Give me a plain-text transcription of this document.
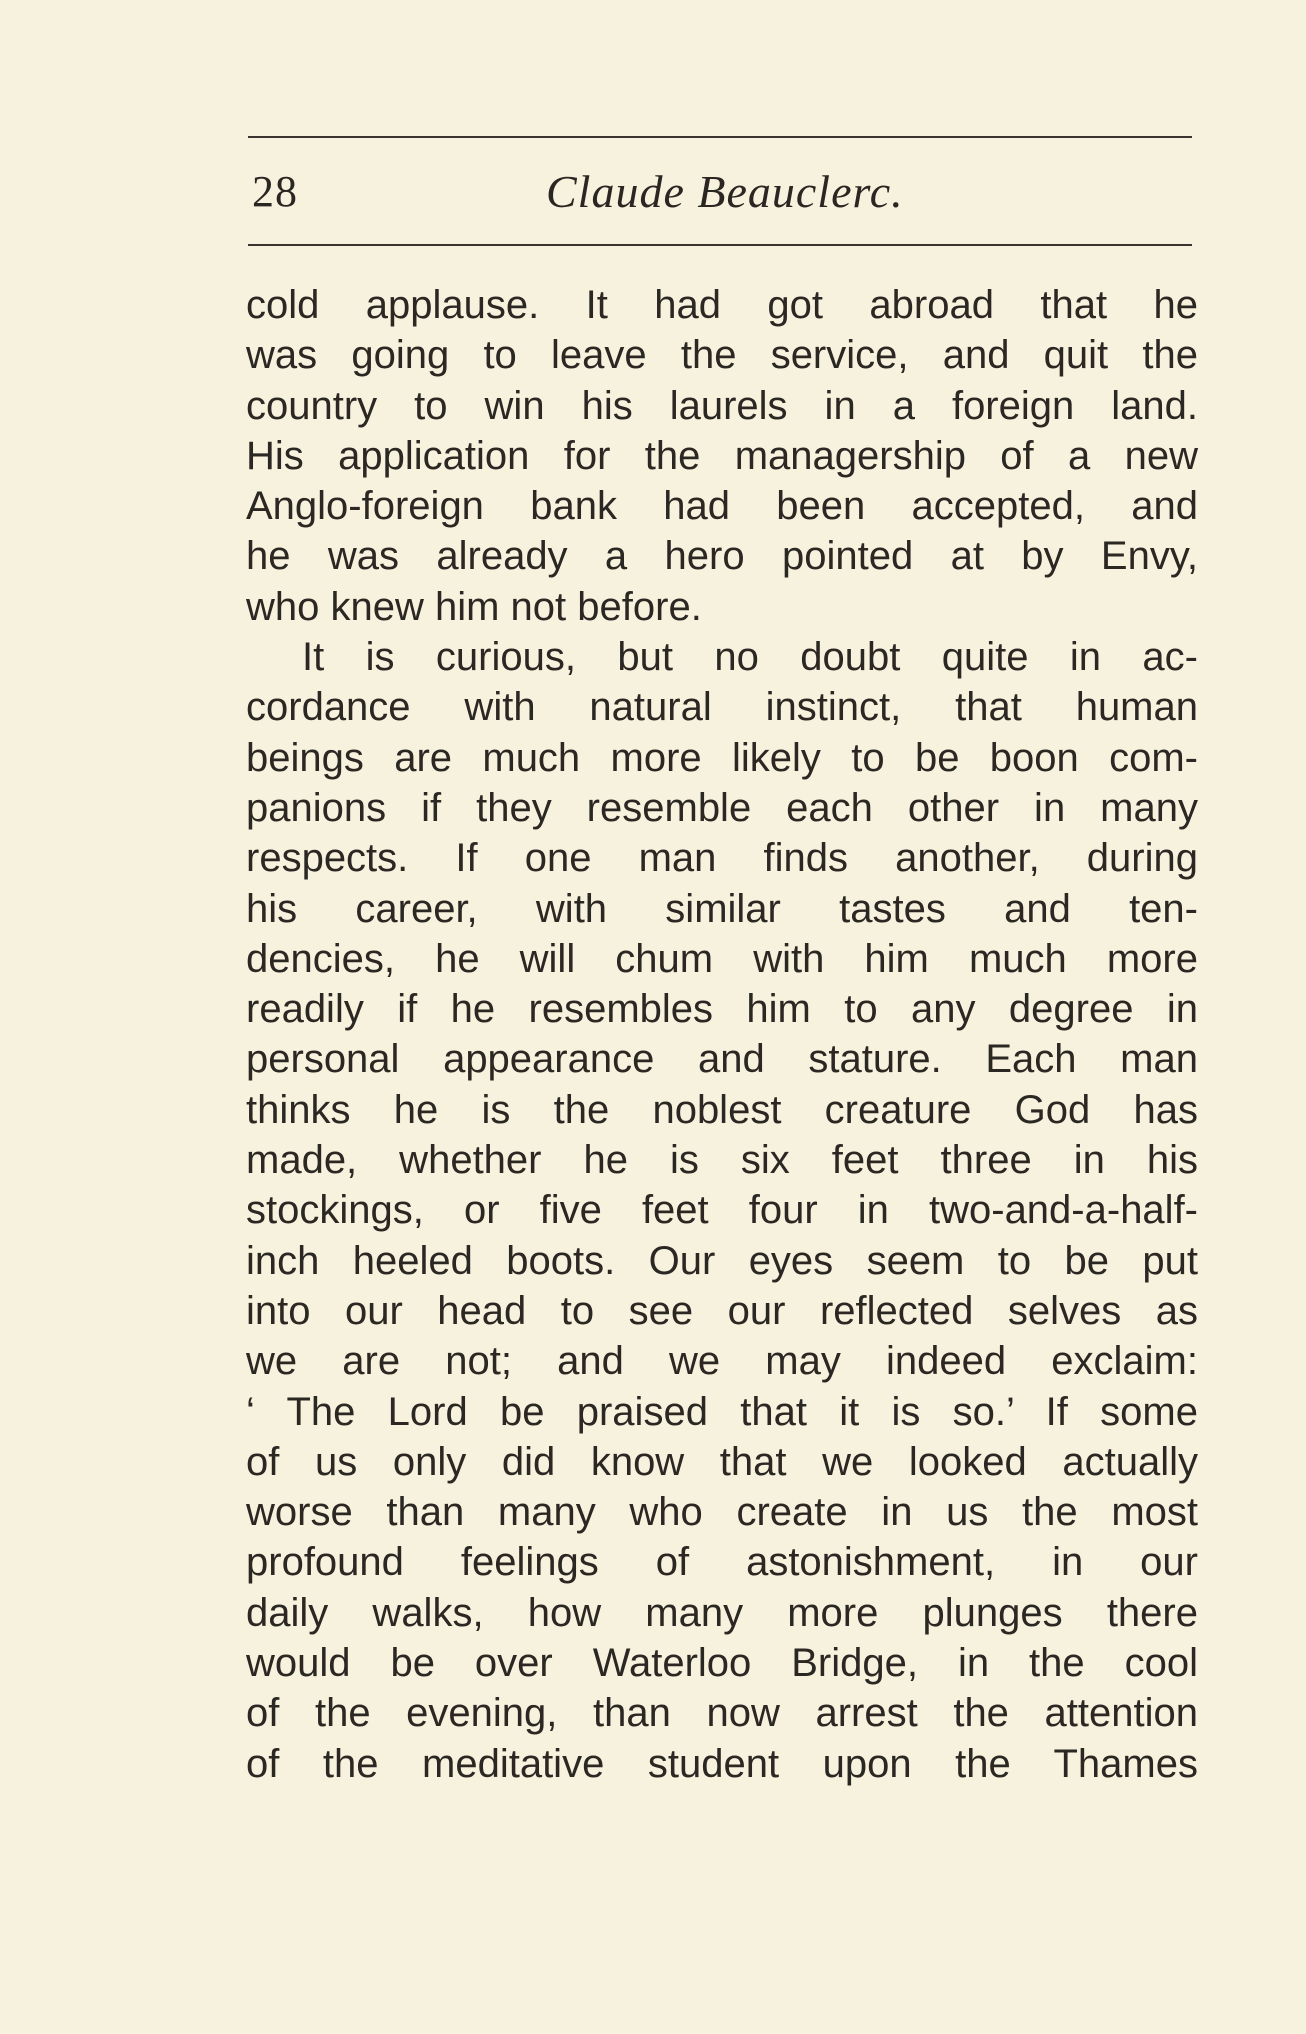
28	Claude Beauclerc.
cold applause. It had got abroad that he
was going to leave the service, and quit the
country to win his laurels in a foreign land.
His application for the managership of a new
Anglo-foreign bank had been accepted, and
he was already a hero pointed at by Envy,
who knew him not before.
It is curious, but no doubt quite in ac-
cordance with natural instinct, that human
beings are much more likely to be boon com-
panions if they resemble each other in many
respects. If one man finds another, during
his career, with similar tastes and ten-
dencies, he will chum with him much more
readily if he resembles him to any degree in
personal appearance and stature. Each man
thinks he is the noblest creature God has
made, whether he is six feet three in his
stockings, or five feet four in two-and-a-half-
inch heeled boots. Our eyes seem to be put
into our head to see our reflected selves as
we are not; and we may indeed exclaim:
‘ The Lord be praised that it is so.’ If some
of us only did know that we looked actually
worse than many who create in us the most
profound feelings of astonishment, in our
daily walks, how many more plunges there
would be over Waterloo Bridge, in the cool
of the evening, than now arrest the attention
of the meditative student upon the Thames
